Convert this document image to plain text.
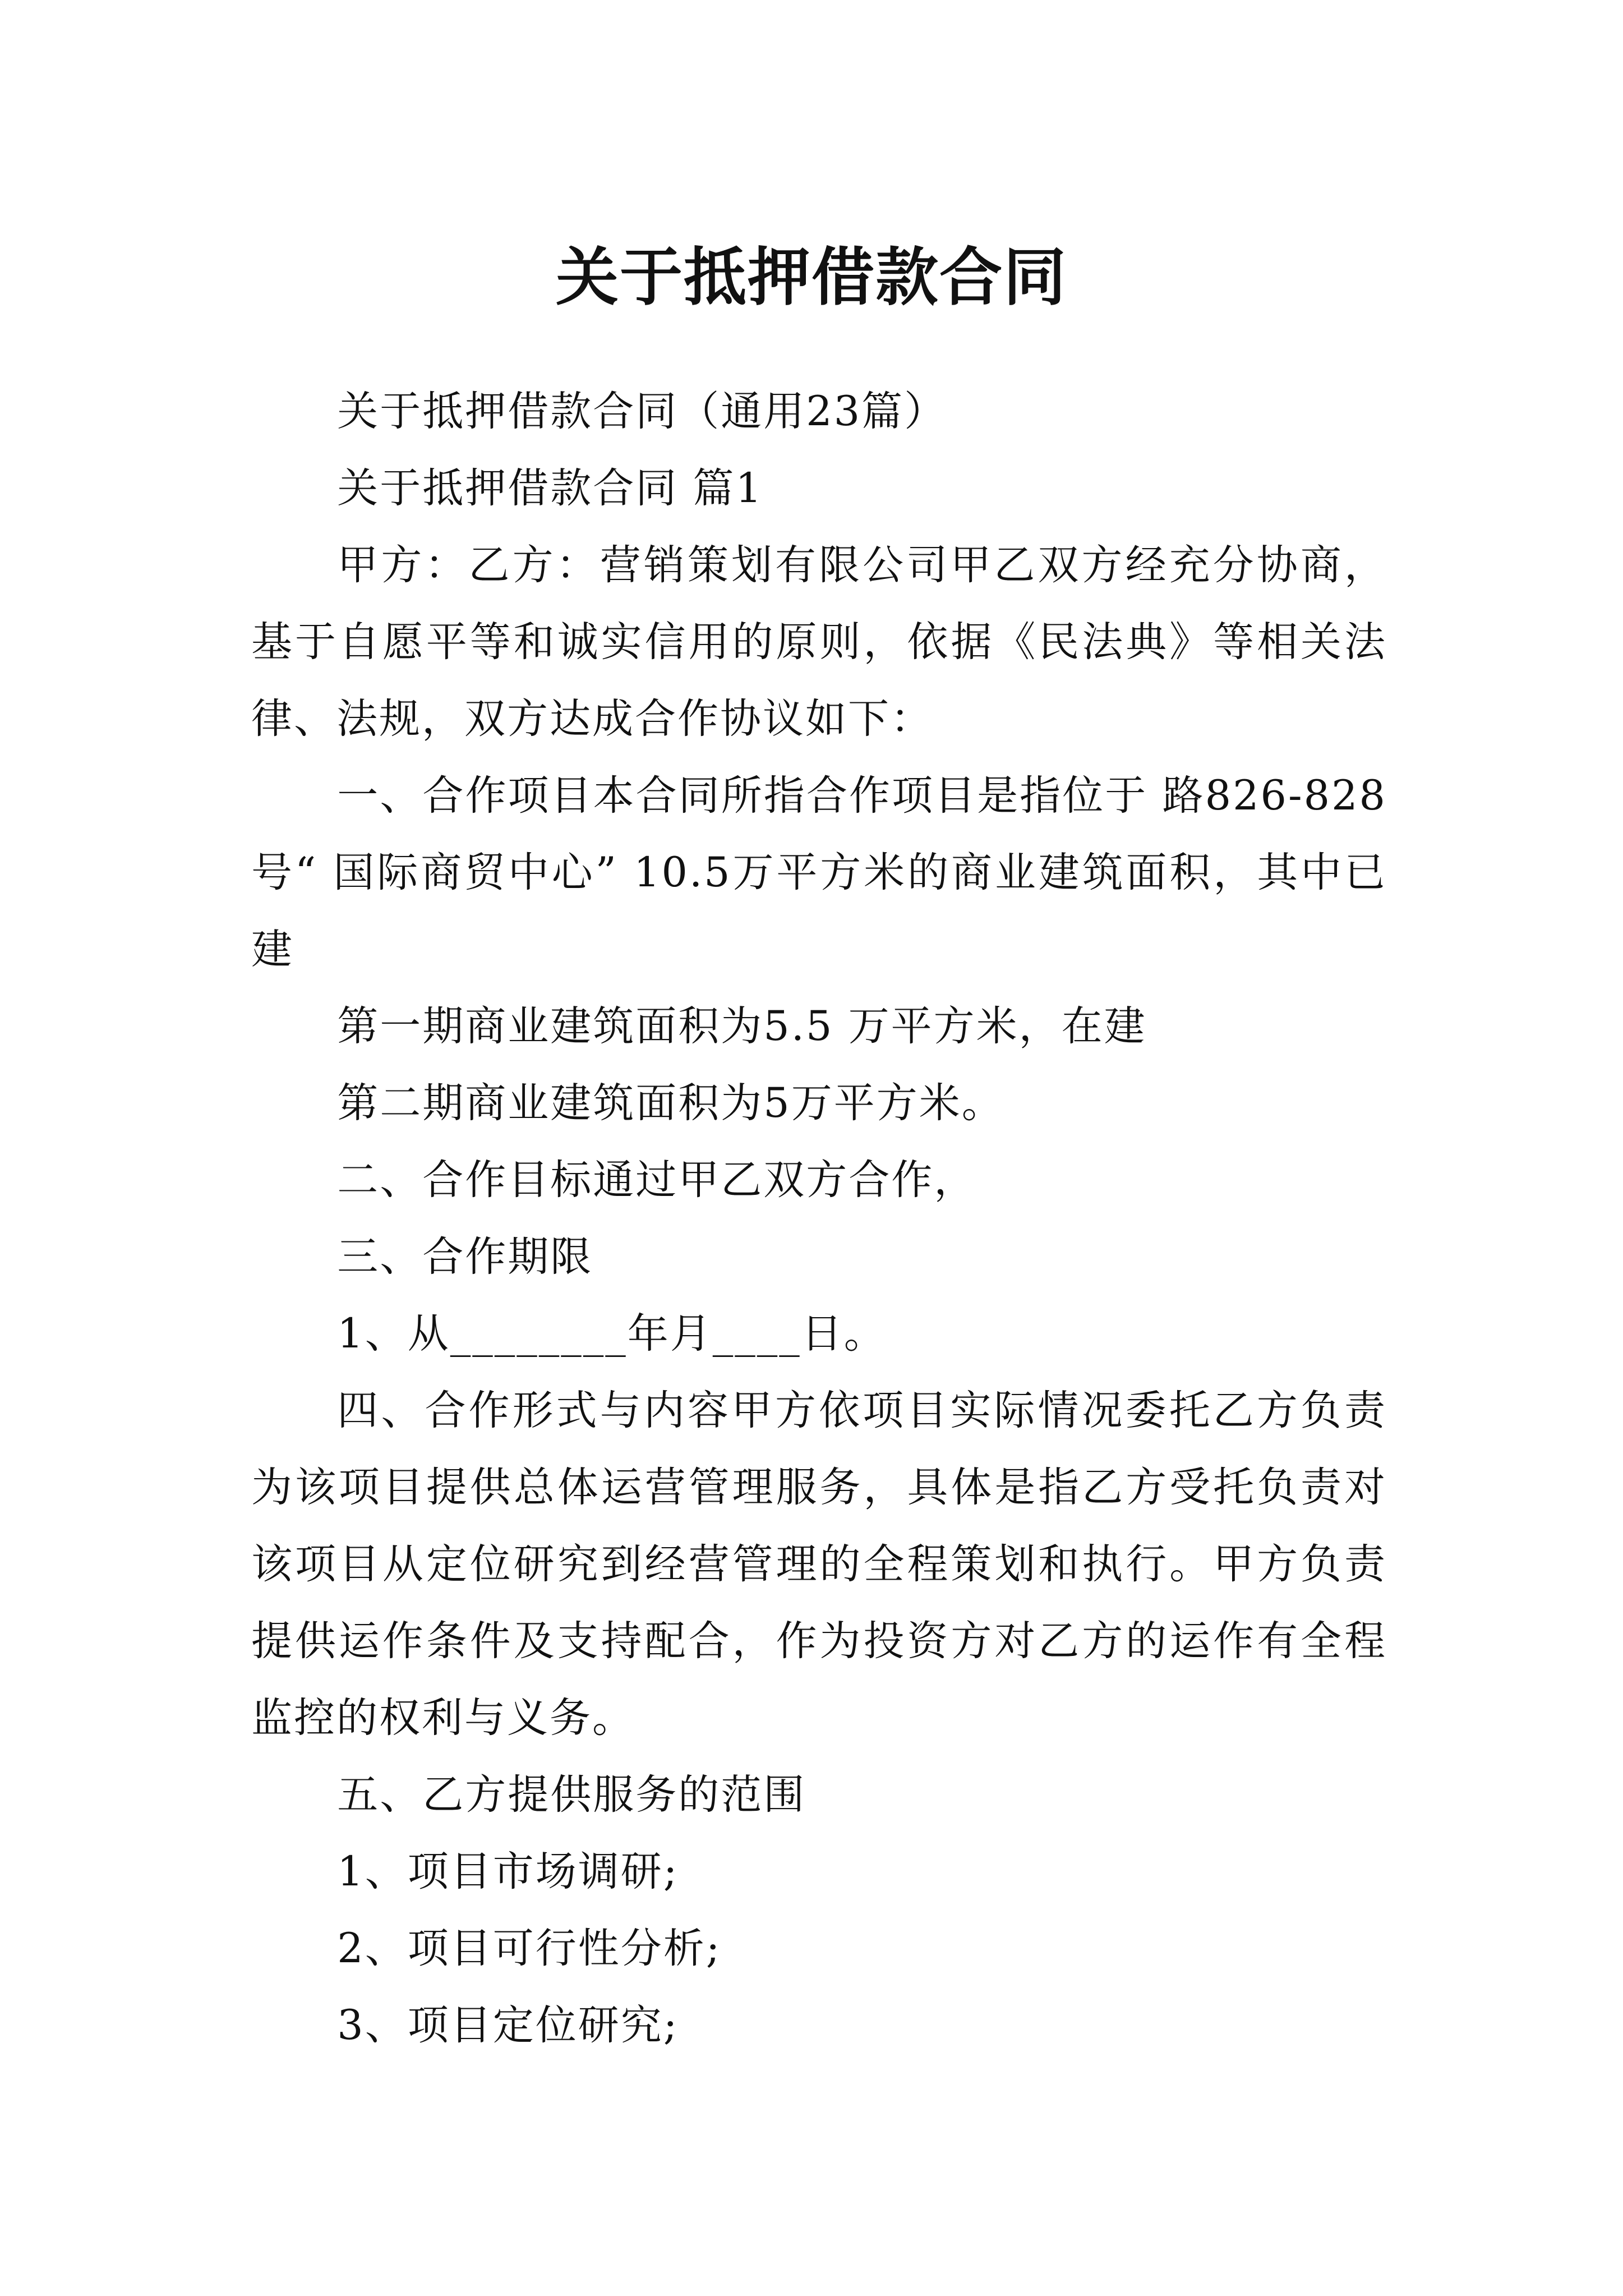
关于抵押借款合同

关于抵押借款合同（通用23篇）

关于抵押借款合同 篇1

甲方：乙方：营销策划有限公司甲乙双方经充分协商，基于自愿平等和诚实信用的原则，依据《民法典》等相关法律、法规，双方达成合作协议如下：

一、合作项目本合同所指合作项目是指位于 路826-828号“ 国际商贸中心” 10.5万平方米的商业建筑面积，其中已建

第一期商业建筑面积为5.5 万平方米，在建

第二期商业建筑面积为5万平方米。

二、合作目标通过甲乙双方合作，

三、合作期限

1、从________年月____日。

四、合作形式与内容甲方依项目实际情况委托乙方负责为该项目提供总体运营管理服务，具体是指乙方受托负责对该项目从定位研究到经营管理的全程策划和执行。甲方负责提供运作条件及支持配合，作为投资方对乙方的运作有全程监控的权利与义务。

五、乙方提供服务的范围

1、项目市场调研;

2、项目可行性分析;

3、项目定位研究;
